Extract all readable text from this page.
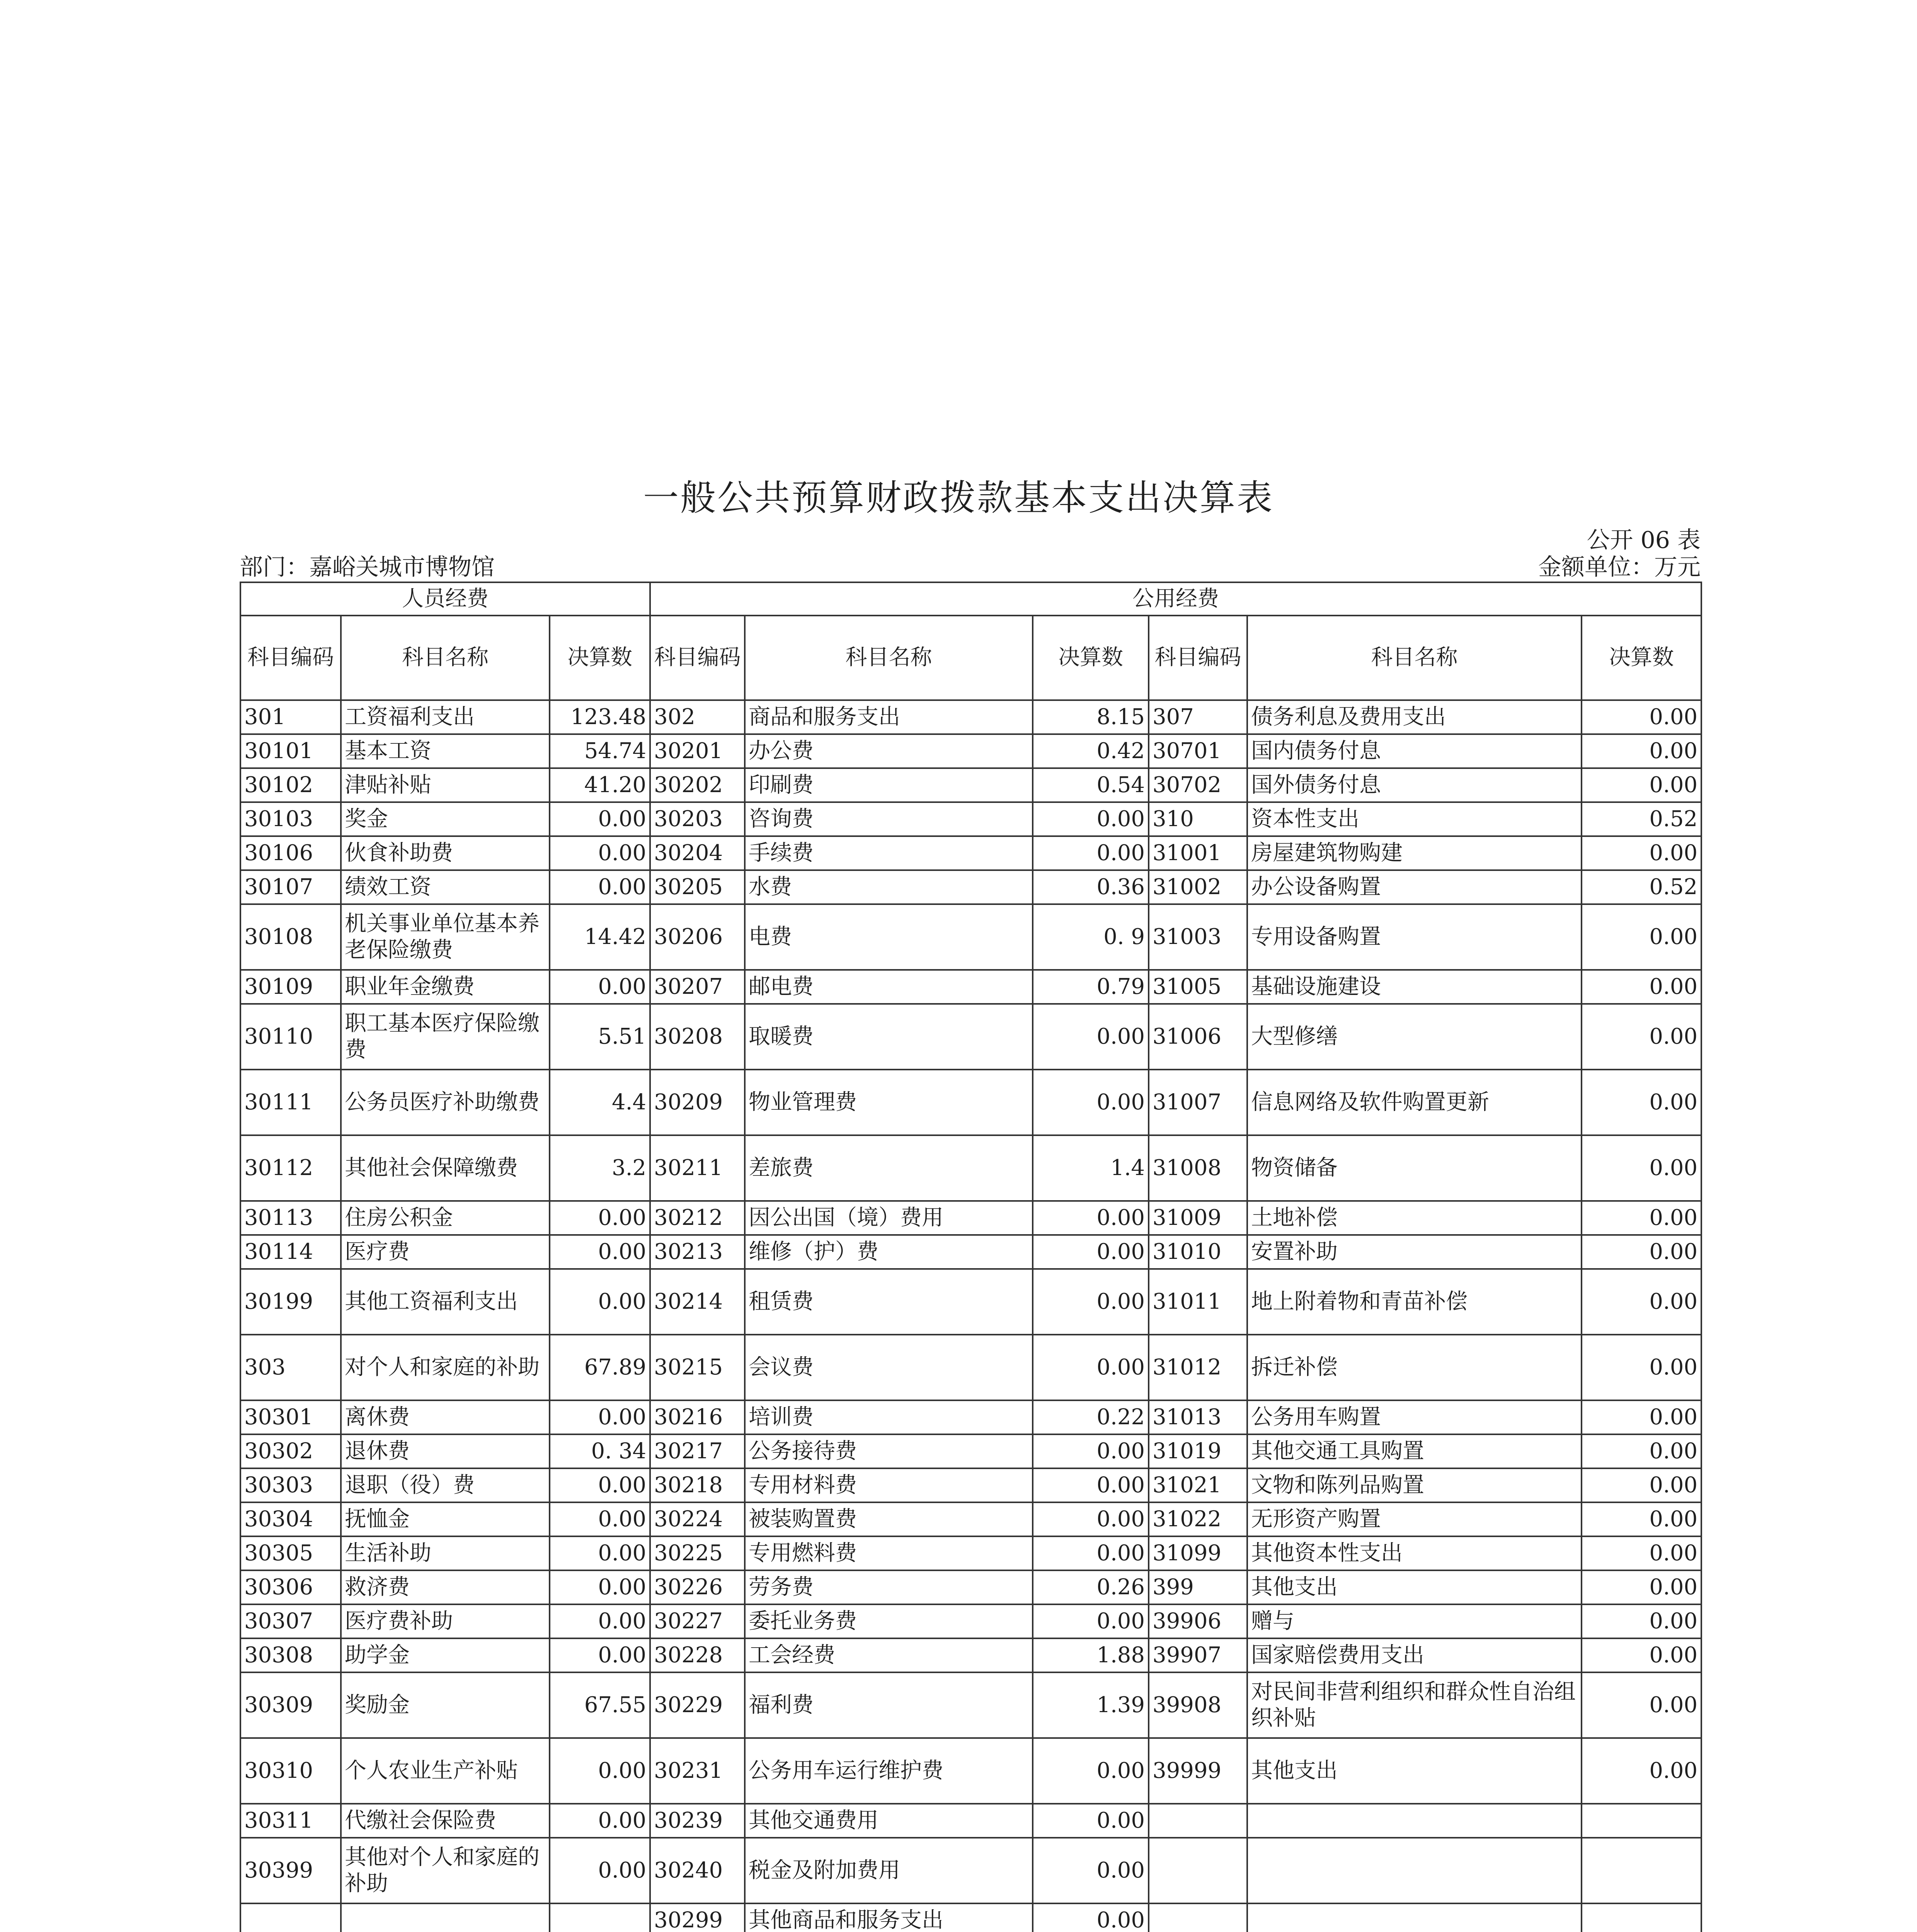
一般公共预算财政拨款基本支出决算表
公开 06 表
部门：嘉峪关城市博物馆	金额单位：万元
人员经费			公用经费					
科目编码	科目名称	决算数	科目编码	科目名称	决算数	科目编码	科目名称	决算数
301	工资福利支出	123.48	302	商品和服务支出	8.15	307	债务利息及费用支出	0.00
30101	基本工资	54.74	30201	办公费	0.42	30701	国内债务付息	0.00
30102	津贴补贴	41.20	30202	印刷费	0.54	30702	国外债务付息	0.00
30103	奖金	0.00	30203	咨询费	0.00	310	资本性支出	0.52
30106	伙食补助费	0.00	30204	手续费	0.00	31001	房屋建筑物购建	0.00
30107	绩效工资	0.00	30205	水费	0.36	31002	办公设备购置	0.52
30108	机关事业单位基本养老保险缴费	14.42	30206	电费	0. 9	31003	专用设备购置	0.00
30109	职业年金缴费	0.00	30207	邮电费	0.79	31005	基础设施建设	0.00
30110	职工基本医疗保险缴费	5.51	30208	取暖费	0.00	31006	大型修缮	0.00
30111	公务员医疗补助缴费	4.4	30209	物业管理费	0.00	31007	信息网络及软件购置更新	0.00
30112	其他社会保障缴费	3.2	30211	差旅费	1.4	31008	物资储备	0.00
30113	住房公积金	0.00	30212	因公出国（境）费用	0.00	31009	土地补偿	0.00
30114	医疗费	0.00	30213	维修（护）费	0.00	31010	安置补助	0.00
30199	其他工资福利支出	0.00	30214	租赁费	0.00	31011	地上附着物和青苗补偿	0.00
303	对个人和家庭的补助	67.89	30215	会议费	0.00	31012	拆迁补偿	0.00
30301	离休费	0.00	30216	培训费	0.22	31013	公务用车购置	0.00
30302	退休费	0. 34	30217	公务接待费	0.00	31019	其他交通工具购置	0.00
30303	退职（役）费	0.00	30218	专用材料费	0.00	31021	文物和陈列品购置	0.00
30304	抚恤金	0.00	30224	被装购置费	0.00	31022	无形资产购置	0.00
30305	生活补助	0.00	30225	专用燃料费	0.00	31099	其他资本性支出	0.00
30306	救济费	0.00	30226	劳务费	0.26	399	其他支出	0.00
30307	医疗费补助	0.00	30227	委托业务费	0.00	39906	赠与	0.00
30308	助学金	0.00	30228	工会经费	1.88	39907	国家赔偿费用支出	0.00
30309	奖励金	67.55	30229	福利费	1.39	39908	对民间非营利组织和群众性自治组织补贴	0.00
30310	个人农业生产补贴	0.00	30231	公务用车运行维护费	0.00	39999	其他支出	0.00
30311	代缴社会保险费	0.00	30239	其他交通费用	0.00			
30399	其他对个人和家庭的补助	0.00	30240	税金及附加费用	0.00			
			30299	其他商品和服务支出	0.00			
